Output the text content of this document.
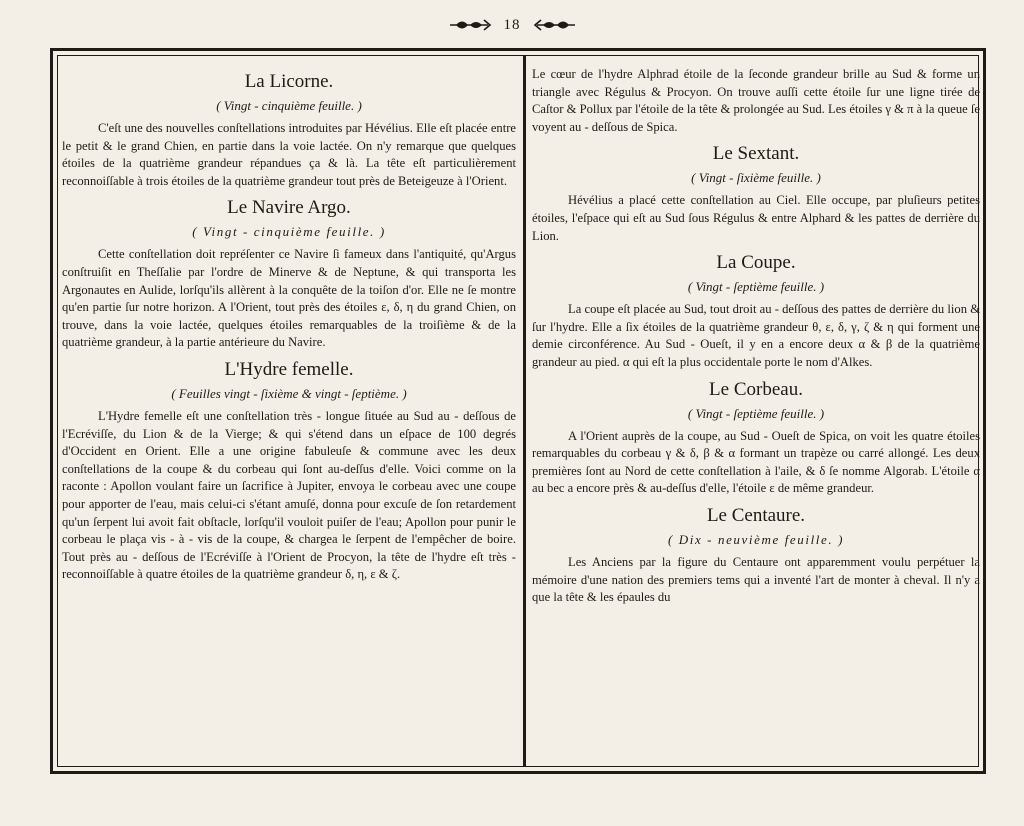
18
La Licorne.
( Vingt - cinquième feuille. )

C'eſt une des nouvelles conſtellations introduites par Hévélius. Elle eſt placée entre le petit & le grand Chien, en partie dans la voie lactée. On n'y remarque que quelques étoiles de la quatrième grandeur répandues ça & là. La tête eſt particulièrement reconnoiſſable à trois étoiles de la quatrième grandeur tout près de Beteigeuze à l'Orient.

Le Navire Argo.
( Vingt - cinquième feuille. )

Cette conſtellation doit repréſenter ce Navire ſi fameux dans l'antiquité, qu'Argus conſtruiſit en Theſſalie par l'ordre de Minerve & de Neptune, & qui transporta les Argonautes en Aulide, lorſqu'ils allèrent à la conquête de la toiſon d'or. Elle ne ſe montre qu'en partie ſur notre horizon. A l'Orient, tout près des étoiles ε, δ, η du grand Chien, on trouve, dans la voie lactée, quelques étoiles remarquables de la troiſième & de la quatrième grandeur, à la partie antérieure du Navire.

L'Hydre femelle.
( Feuilles vingt - ſixième & vingt - ſeptième. )

L'Hydre femelle eſt une conſtellation très - longue ſituée au Sud au - deſſous de l'Ecréviſſe, du Lion & de la Vierge; & qui s'étend dans un eſpace de 100 degrés d'Occident en Orient. Elle a une origine fabuleuſe & commune avec les deux conſtellations de la coupe & du corbeau qui ſont au-deſſus d'elle. Voici comme on la raconte : Apollon voulant faire un ſacrifice à Jupiter, envoya le corbeau avec une coupe pour apporter de l'eau, mais celui-ci s'étant amuſé, donna pour excuſe de ſon retardement qu'un ſerpent lui avoit fait obſtacle, lorſqu'il vouloit puiſer de l'eau; Apollon pour punir le corbeau le plaça vis - à - vis de la coupe, & chargea le ſerpent de l'empêcher de boire. Tout près au - deſſous de l'Ecréviſſe à l'Orient de Procyon, la tête de l'hydre eſt très - reconnoiſſable à quatre étoiles de la quatrième grandeur δ, η, ε & ζ.

Le cœur de l'hydre Alphrad étoile de la ſeconde grandeur brille au Sud & forme un triangle avec Régulus & Procyon. On trouve auſſi cette étoile ſur une ligne tirée de Caſtor & Pollux par l'étoile de la tête & prolongée au Sud. Les étoiles γ & π à la queue ſe voyent au - deſſous de Spica.

Le Sextant.
( Vingt - ſixième feuille. )

Hévélius a placé cette conſtellation au Ciel. Elle occupe, par pluſieurs petites étoiles, l'eſpace qui eſt au Sud ſous Régulus & entre Alphard & les pattes de derrière du Lion.

La Coupe.
( Vingt - ſeptième feuille. )

La coupe eſt placée au Sud, tout droit au - deſſous des pattes de derrière du lion & ſur l'hydre. Elle a ſix étoiles de la quatrième grandeur θ, ε, δ, γ, ζ & η qui forment une demie circonférence. Au Sud - Oueſt, il y en a encore deux α & β de la quatrième grandeur au pied. α qui eſt la plus occidentale porte le nom d'Alkes.

Le Corbeau.
( Vingt - ſeptième feuille. )

A l'Orient auprès de la coupe, au Sud - Oueſt de Spica, on voit les quatre étoiles remarquables du corbeau γ & δ, β & α formant un trapèze ou carré allongé. Les deux premières ſont au Nord de cette conſtellation à l'aile, & δ ſe nomme Algorab. L'étoile α au bec a encore près & au-deſſus d'elle, l'étoile ε de même grandeur.

Le Centaure.
( Dix - neuvième feuille. )

Les Anciens par la figure du Centaure ont apparemment voulu perpétuer la mémoire d'une nation des premiers tems qui a inventé l'art de monter à cheval. Il n'y a que la tête & les épaules du
